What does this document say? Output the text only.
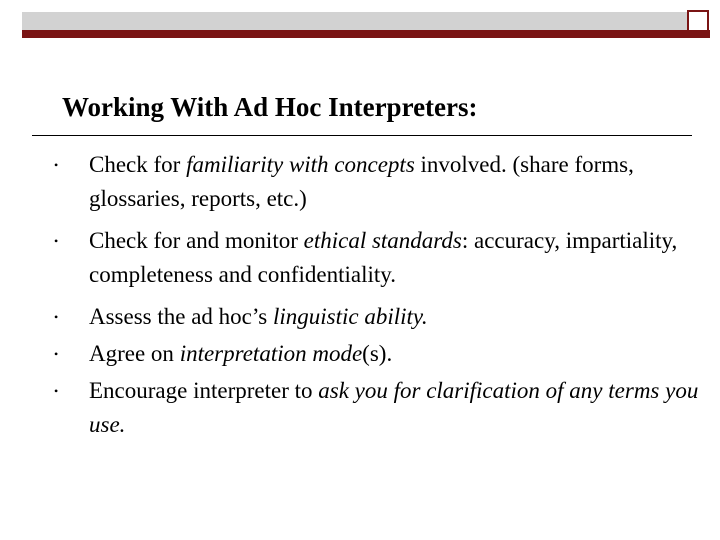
Working With Ad Hoc Interpreters:
• Check for familiarity with concepts involved. (share forms, glossaries, reports, etc.)
• Check for and monitor ethical standards: accuracy, impartiality, completeness and confidentiality.
• Assess the ad hoc’s linguistic ability.
• Agree on interpretation mode(s).
• Encourage interpreter to ask you for clarification of any terms you use.
